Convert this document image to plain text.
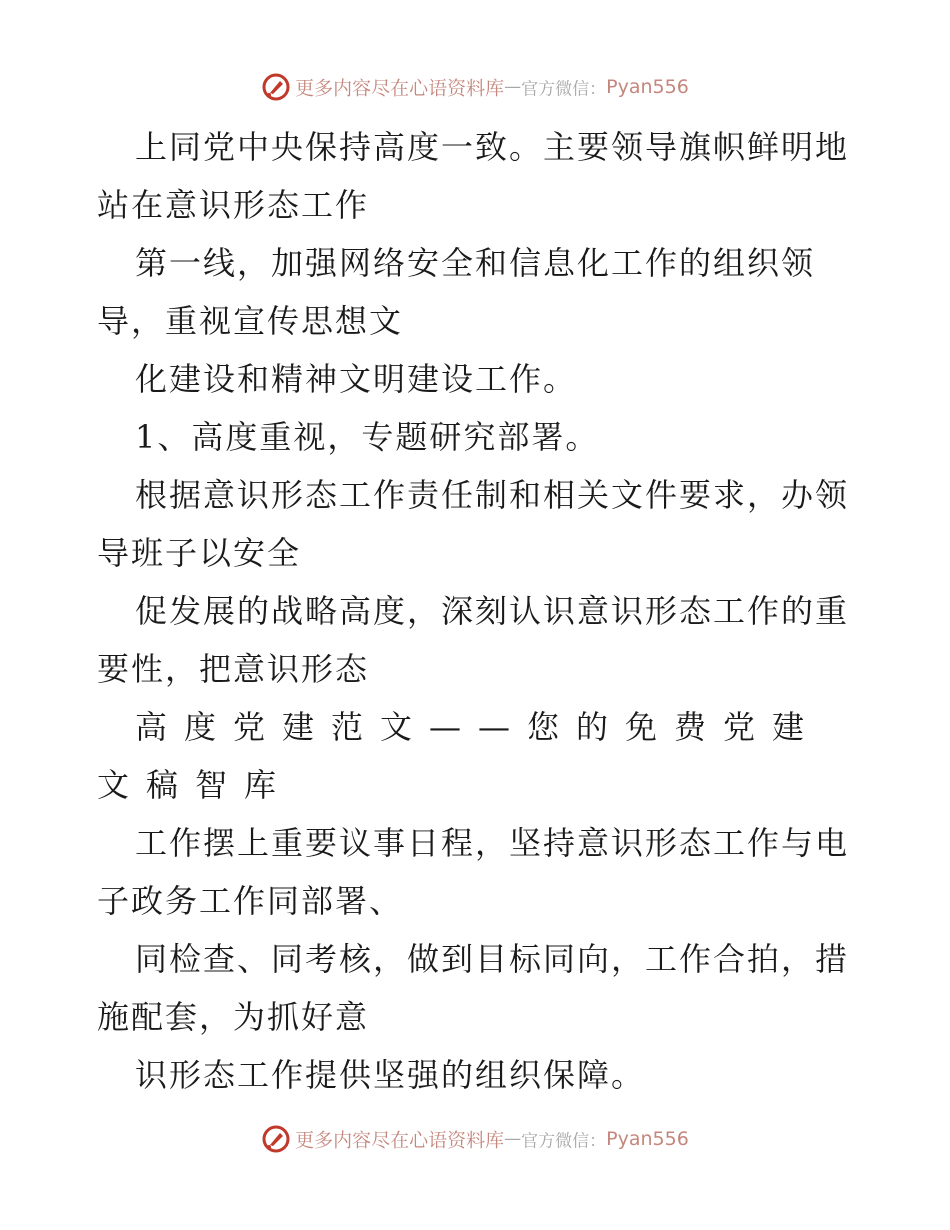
更多内容尽在心语资料库—官方微信：Pyan556

上同党中央保持高度一致。主要领导旗帜鲜明地
站在意识形态工作

第一线，加强网络安全和信息化工作的组织领
导，重视宣传思想文

化建设和精神文明建设工作。

1、高度重视，专题研究部署。

根据意识形态工作责任制和相关文件要求，办领
导班子以安全

促发展的战略高度，深刻认识意识形态工作的重
要性，把意识形态

高度党建范文——您的免费党建
文稿智库

工作摆上重要议事日程，坚持意识形态工作与电
子政务工作同部署、

同检查、同考核，做到目标同向，工作合拍，措
施配套，为抓好意

识形态工作提供坚强的组织保障。

更多内容尽在心语资料库—官方微信：Pyan556
